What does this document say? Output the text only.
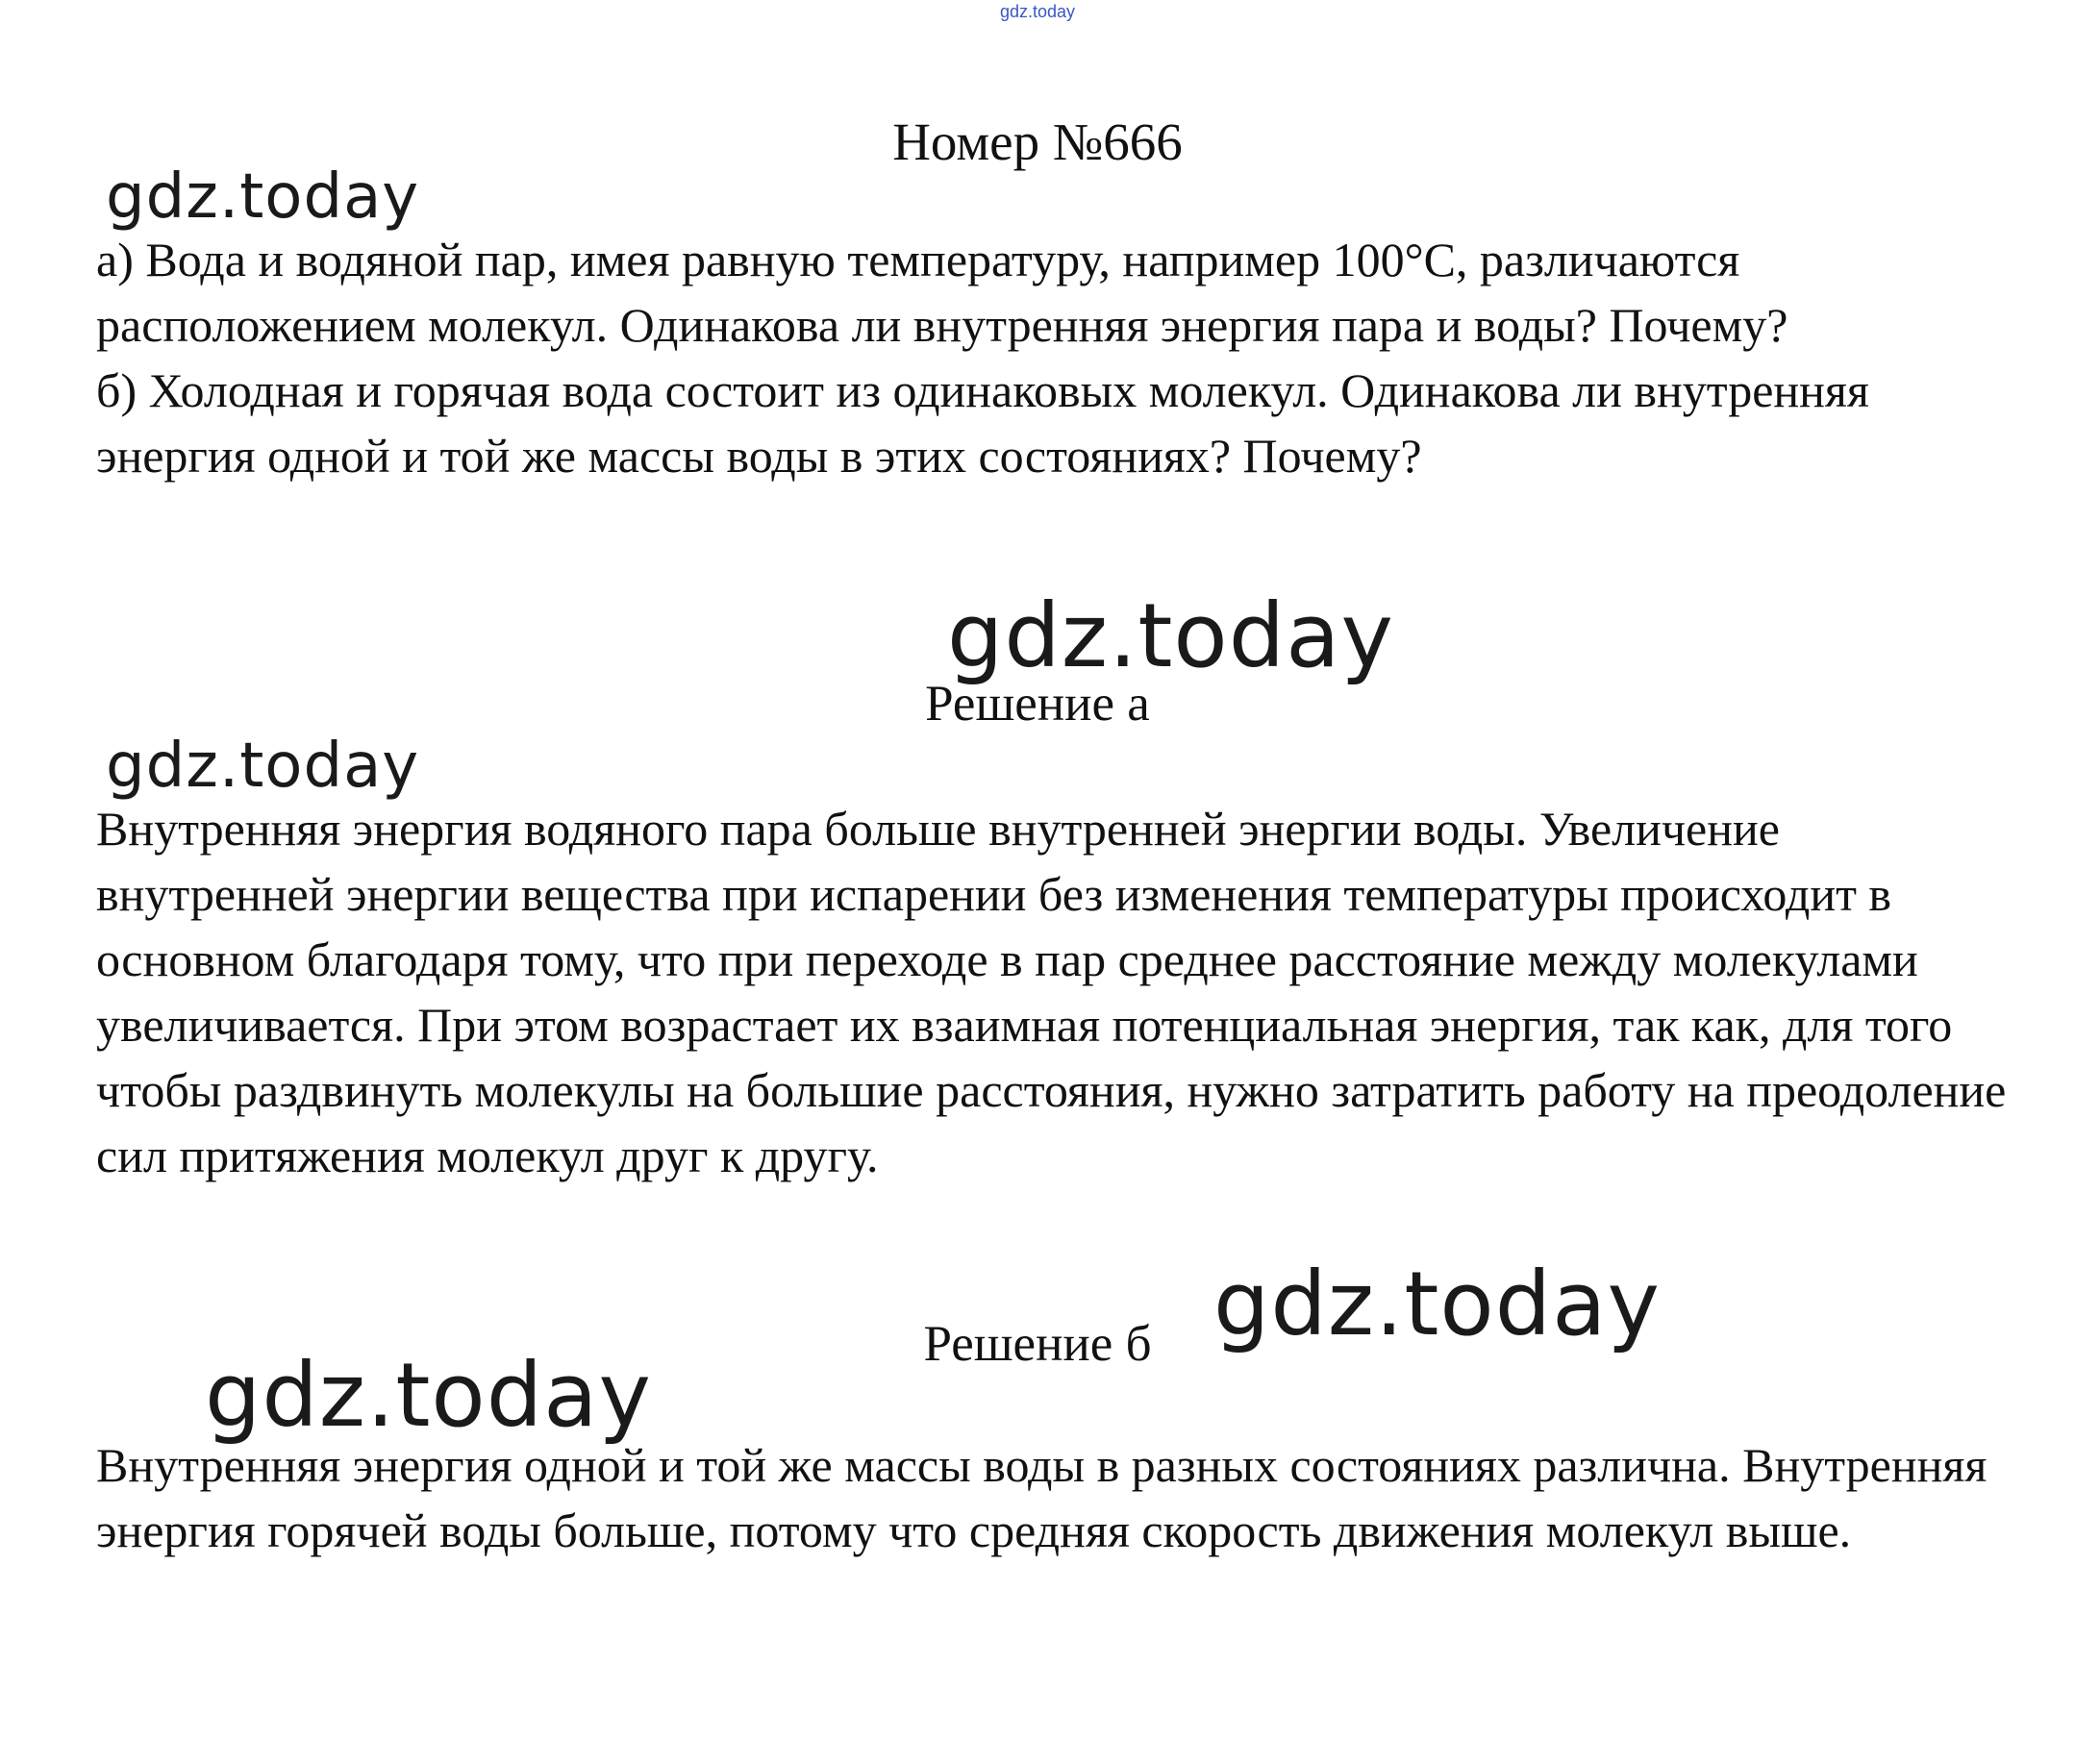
gdz.today
Номер №666
gdz.today

а) Вода и водяной пар, имея равную температуру, например 100°С, различаются расположением молекул. Одинакова ли внутренняя энергия пара и воды? Почему?

б) Холодная и горячая вода состоит из одинаковых молекул. Одинакова ли внутренняя энергия одной и той же массы воды в этих состояниях? Почему?

gdz.today
Решение а
gdz.today

Внутренняя энергия водяного пара больше внутренней энергии воды. Увеличение внутренней энергии вещества при испарении без изменения температуры происходит в основном благодаря тому, что при переходе в пар среднее расстояние между молекулами увеличивается. При этом возрастает их взаимная потенциальная энергия, так как, для того чтобы раздвинуть молекулы на большие расстояния, нужно затратить работу на преодоление сил притяжения молекул друг к другу.

Решение б gdz.today
gdz.today

Внутренняя энергия одной и той же массы воды в разных состояниях различна. Внутренняя энергия горячей воды больше, потому что средняя скорость движения молекул выше.
